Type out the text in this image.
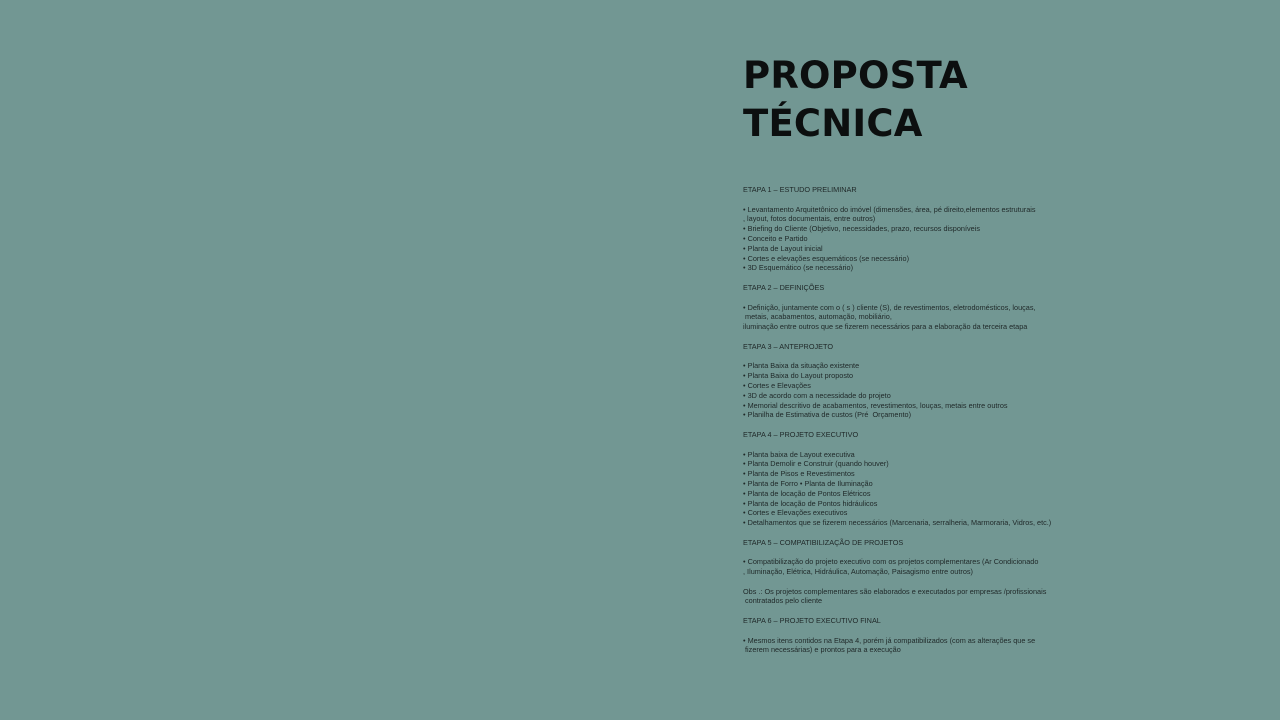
PROPOSTA
TÉCNICA
ETAPA 1 – ESTUDO PRELIMINAR
• Levantamento Arquitetônico do imóvel (dimensões, área, pé direito,elementos estruturais
, layout, fotos documentais, entre outros)
• Briefing do Cliente (Objetivo, necessidades, prazo, recursos disponíveis
• Conceito e Partido
• Planta de Layout inicial
• Cortes e elevações esquemáticos (se necessário)
• 3D Esquemático (se necessário)
ETAPA 2 – DEFINIÇÕES
• Definição, juntamente com o ( s ) cliente (S), de revestimentos, eletrodomésticos, louças,
metais, acabamentos, automação, mobiliário,
iluminação entre outros que se fizerem necessários para a elaboração da terceira etapa
ETAPA 3 – ANTEPROJETO
• Planta Baixa da situação existente
• Planta Baixa do Layout proposto
• Cortes e Elevações
• 3D de acordo com a necessidade do projeto
• Memorial descritivo de acabamentos, revestimentos, louças, metais entre outros
• Planilha de Estimativa de custos (Pré  Orçamento)
ETAPA 4 – PROJETO EXECUTIVO
• Planta baixa de Layout executiva
• Planta Demolir e Construir (quando houver)
• Planta de Pisos e Revestimentos
• Planta de Forro • Planta de Iluminação
• Planta de locação de Pontos Elétricos
• Planta de locação de Pontos hidráulicos
• Cortes e Elevações executivos
• Detalhamentos que se fizerem necessários (Marcenaria, serralheria, Marmoraria, Vidros, etc.)
ETAPA 5 – COMPATIBILIZAÇÃO DE PROJETOS
• Compatibilização do projeto executivo com os projetos complementares (Ar Condicionado
, Iluminação, Elétrica, Hidráulica, Automação, Paisagismo entre outros)
Obs .: Os projetos complementares são elaborados e executados por empresas /profissionais
contratados pelo cliente
ETAPA 6 – PROJETO EXECUTIVO FINAL
• Mesmos itens contidos na Etapa 4, porém já compatibilizados (com as alterações que se
fizerem necessárias) e prontos para a execução
